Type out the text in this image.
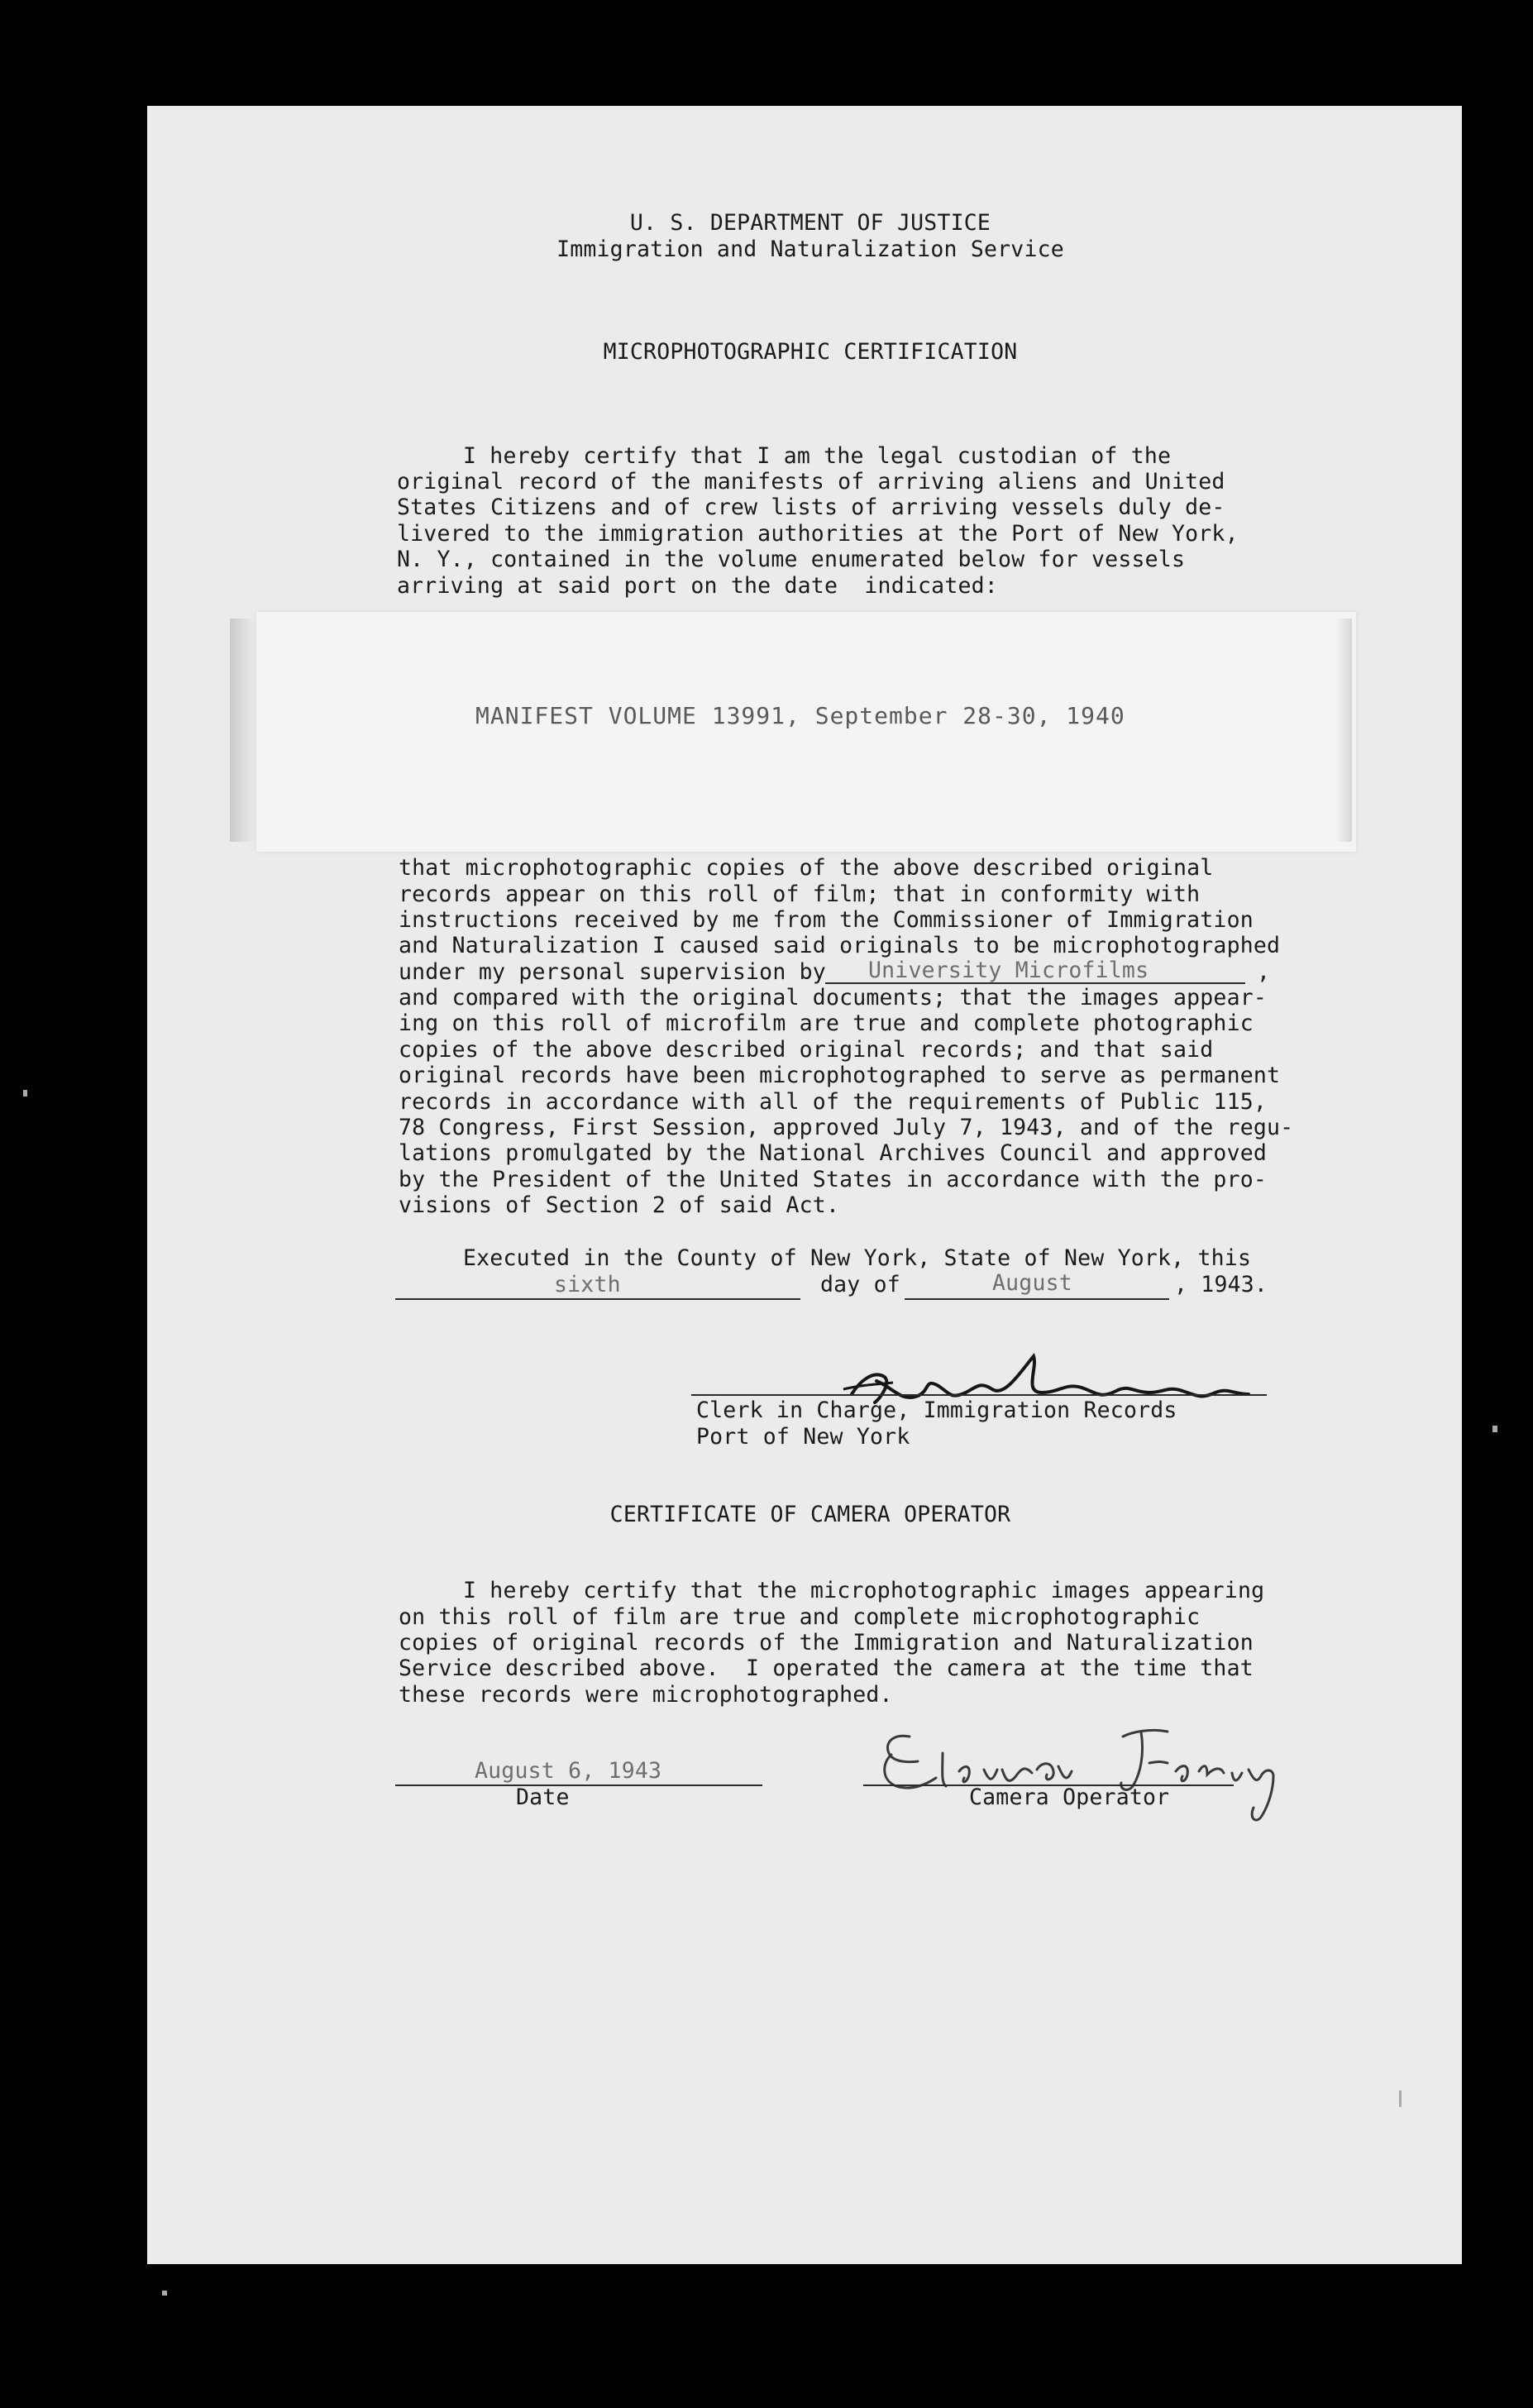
U. S. DEPARTMENT OF JUSTICE
Immigration and Naturalization Service
MICROPHOTOGRAPHIC CERTIFICATION
I hereby certify that I am the legal custodian of the
original record of the manifests of arriving aliens and United
States Citizens and of crew lists of arriving vessels duly de-
livered to the immigration authorities at the Port of New York,
N. Y., contained in the volume enumerated below for vessels
arriving at said port on the date  indicated:
MANIFEST VOLUME 13991, September 28-30, 1940
that microphotographic copies of the above described original
records appear on this roll of film; that in conformity with
instructions received by me from the Commissioner of Immigration
and Naturalization I caused said originals to be microphotographed
under my personal supervision by University Microfilms	,
and compared with the original documents; that the images appear-
ing on this roll of microfilm are true and complete photographic
copies of the above described original records; and that said
original records have been microphotographed to serve as permanent
records in accordance with all of the requirements of Public 115,
78 Congress, First Session, approved July 7, 1943, and of the regu-
lations promulgated by the National Archives Council and approved
by the President of the United States in accordance with the pro-
visions of Section 2 of said Act.
Executed in the County of New York, State of New York, this
sixth	day of	August	, 1943.
Clerk in Charge, Immigration Records
Port of New York
CERTIFICATE OF CAMERA OPERATOR
I hereby certify that the microphotographic images appearing
on this roll of film are true and complete microphotographic
copies of original records of the Immigration and Naturalization
Service described above.  I operated the camera at the time that
these records were microphotographed.
August 6, 1943
Date	Camera Operator
